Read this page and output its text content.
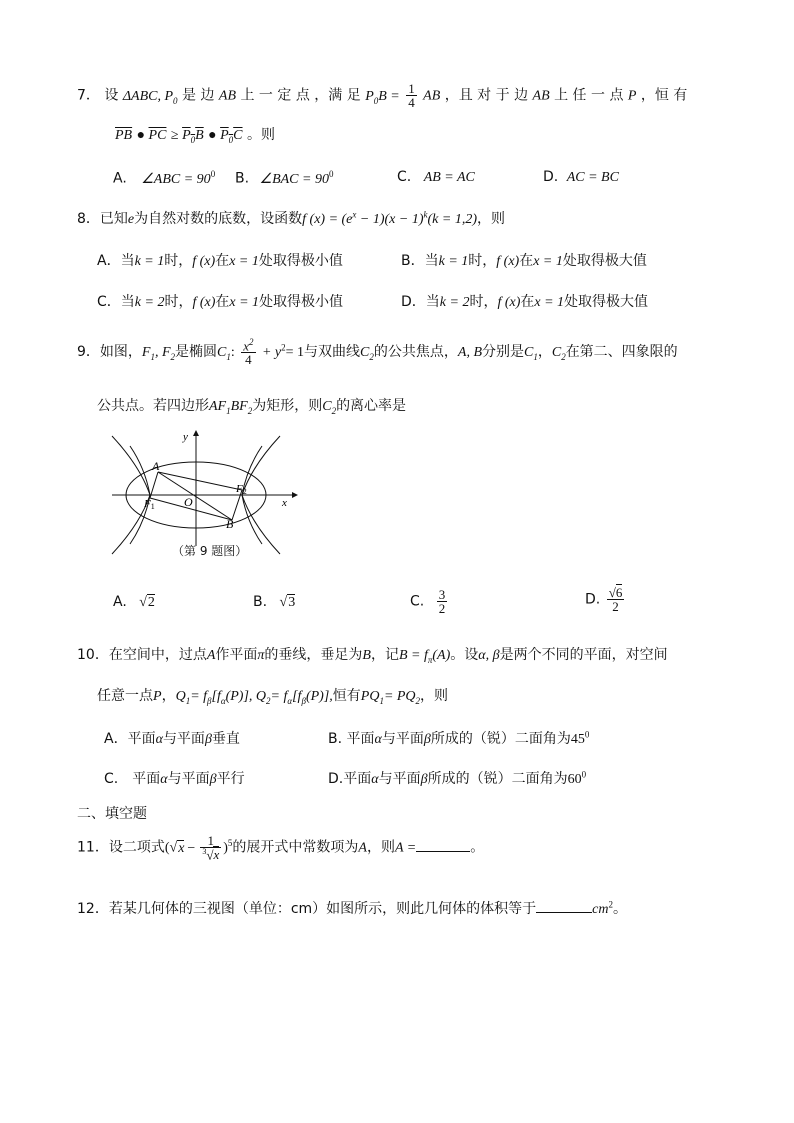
7． 设 ΔABC, $P_0$ 是 边 AB 上 一 定 点 ，满 足 $P_0B = \frac{1}{4}$ AB ，且 对 于 边 AB 上 任 一 点 P ，恒 有
$\overline{PB}$ ● $\overline{PC} \ge P_0B$ ● $P_0C$ 。则
A. ∠ABC = $90^0$ B. ∠BAC = $90^0$	C. AB = AC	D. AC = BC
8．已知e为自然对数的底数，设函数f $(x) = (e^x - 1)(x - 1)^k(k = 1,2)$，则
A．当k = 1时，f (x)在x = 1处取得极小值	B．当k = 1时，f (x)在x = 1处取得极大值
C．当k = 2时，f (x)在x = 1处取得极小值	D．当k = 2时，f (x)在x = 1处取得极大值
9．如图，$F_1$, $F_2$是椭圆$C_1$: $\frac{x^2}{4} + y^2= 1$与双曲线$C_2$的公共焦点，A, B分别是$C_1$，$C_2$在第二、四象限的
公共点。若四边形$AF_1BF_2$为矩形，则$C_2$的离心率是
y
x
A
B
O
F1
F2
（第 9 题图）
A. √2	B. √3	C. $\frac{3}{2}$	D. $\frac{√6}{2}$
10．在空间中，过点A作平面π的垂线，垂足为B，记$B = f_\pi(A)$。设α, β是两个不同的平面，对空间
任意一点P，$Q_1= f_\beta[f_\alpha(P)]$, $Q_2= f_\alpha[f_\beta(P)]$,恒有$PQ_1= PQ_2$，则
A．平面α与平面β垂直	B. 平面α与平面β所成的（锐）二面角为$45^0$
C.　平面α与平面β平行	D.平面α与平面β所成的（锐）二面角为$60^0$
二、填空题
11．设二项式$(√x - \frac{1}{^3√x} )^5$的展开式中常数项为A，则A =	。
12．若某几何体的三视图（单位：cm）如图所示，则此几何体的体积等于	$cm^2$。
